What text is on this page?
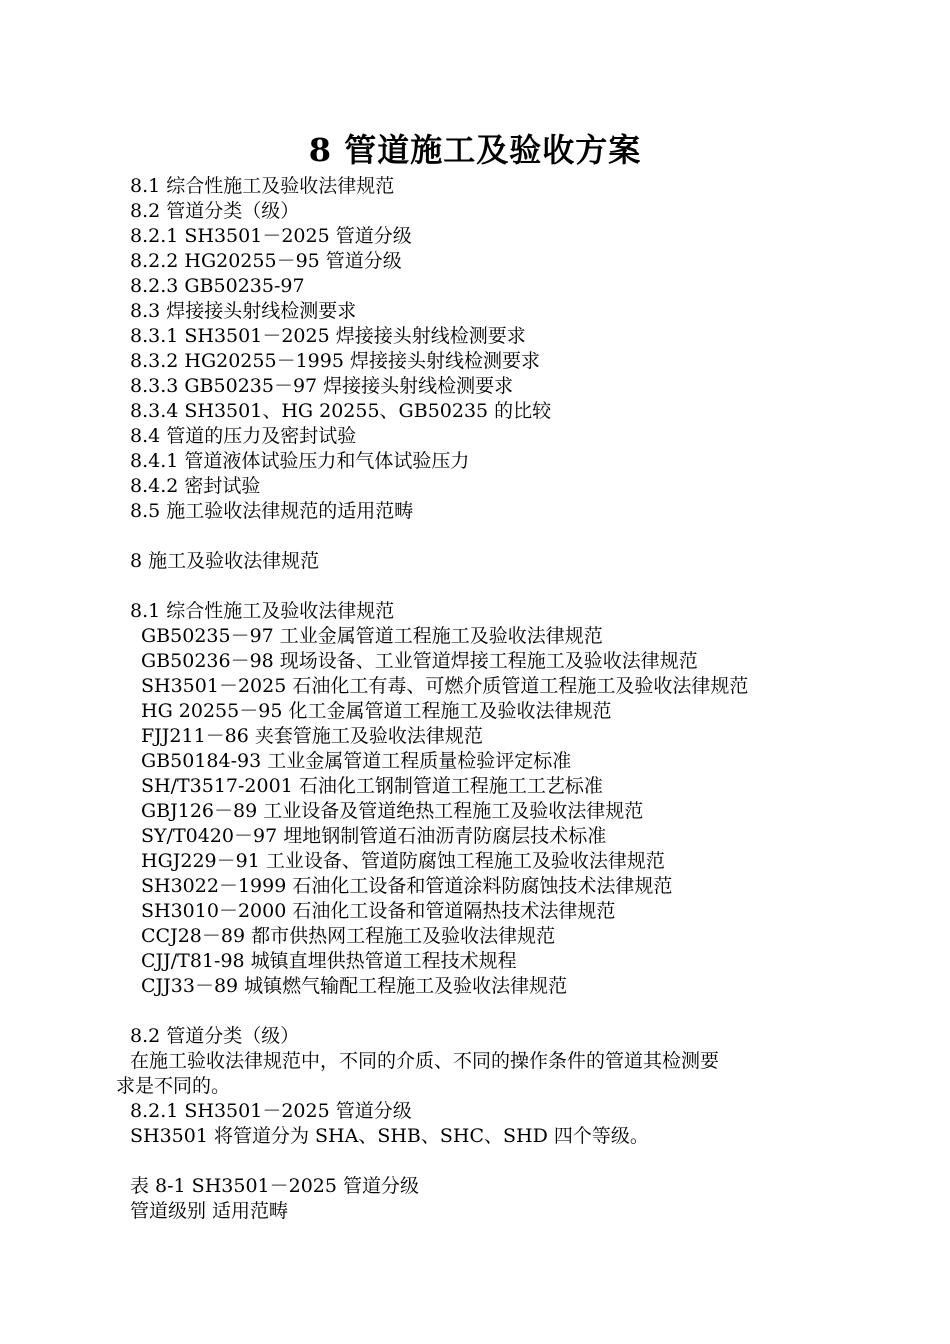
8 管道施工及验收方案
8.1 综合性施工及验收法律规范
8.2 管道分类（级）
8.2.1 SH3501－2025 管道分级
8.2.2 HG20255－95 管道分级
8.2.3 GB50235-97
8.3 焊接接头射线检测要求
8.3.1 SH3501－2025 焊接接头射线检测要求
8.3.2 HG20255－1995 焊接接头射线检测要求
8.3.3 GB50235－97 焊接接头射线检测要求
8.3.4 SH3501、HG 20255、GB50235 的比较
8.4 管道的压力及密封试验
8.4.1 管道液体试验压力和气体试验压力
8.4.2 密封试验
8.5 施工验收法律规范的适用范畴
8 施工及验收法律规范
8.1 综合性施工及验收法律规范
GB50235－97 工业金属管道工程施工及验收法律规范
GB50236－98 现场设备、工业管道焊接工程施工及验收法律规范
SH3501－2025 石油化工有毒、可燃介质管道工程施工及验收法律规范
HG 20255－95 化工金属管道工程施工及验收法律规范
FJJ211－86 夹套管施工及验收法律规范
GB50184-93 工业金属管道工程质量检验评定标准
SH/T3517-2001 石油化工钢制管道工程施工工艺标准
GBJ126－89 工业设备及管道绝热工程施工及验收法律规范
SY/T0420－97 埋地钢制管道石油沥青防腐层技术标准
HGJ229－91 工业设备、管道防腐蚀工程施工及验收法律规范
SH3022－1999 石油化工设备和管道涂料防腐蚀技术法律规范
SH3010－2000 石油化工设备和管道隔热技术法律规范
CCJ28－89 都市供热网工程施工及验收法律规范
CJJ/T81-98 城镇直埋供热管道工程技术规程
CJJ33－89 城镇燃气输配工程施工及验收法律规范
8.2 管道分类（级）
在施工验收法律规范中，不同的介质、不同的操作条件的管道其检测要
求是不同的。
8.2.1 SH3501－2025 管道分级
SH3501 将管道分为 SHA、SHB、SHC、SHD 四个等级。
表 8-1 SH3501－2025 管道分级
管道级别 适用范畴
